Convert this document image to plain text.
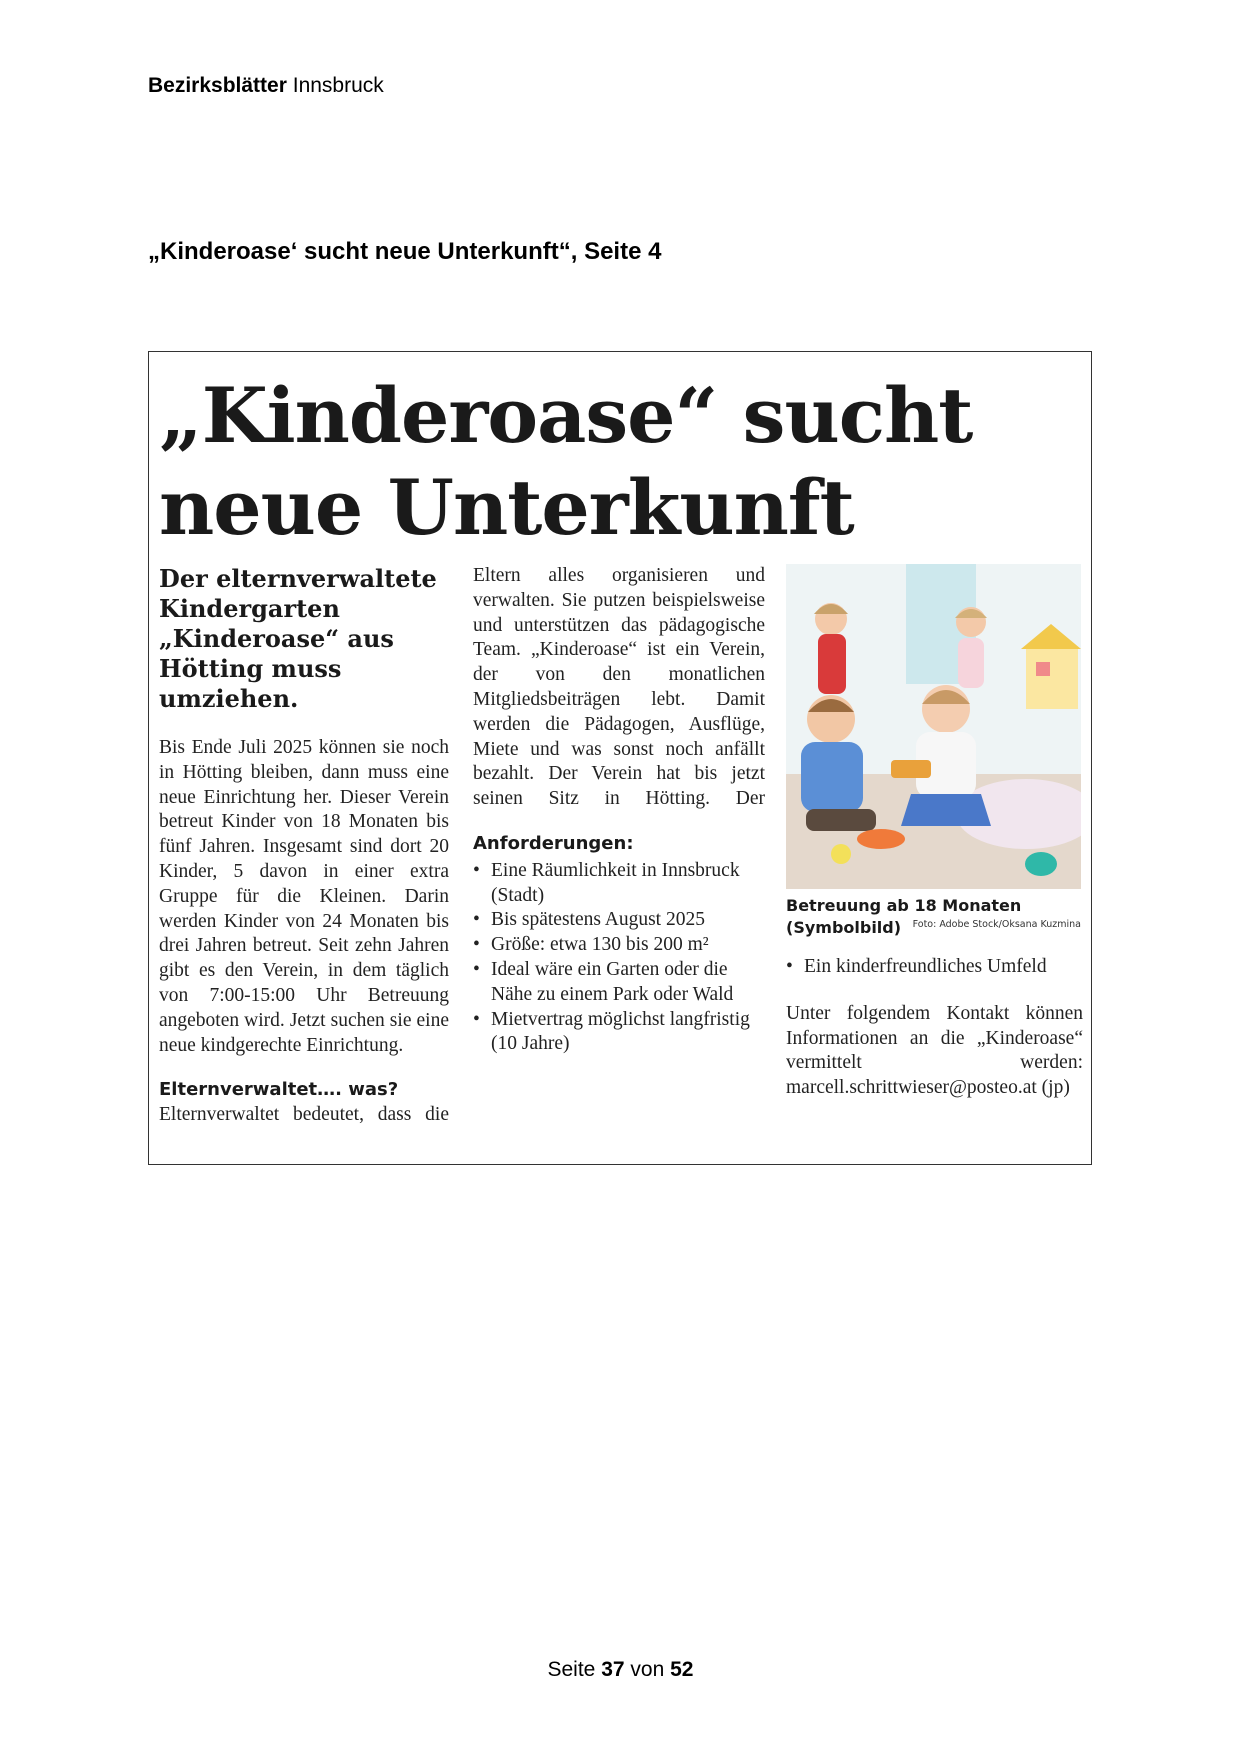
Bezirksblätter Innsbruck
„Kinderoase‘ sucht neue Unterkunft“, Seite 4
„Kinderoase“ sucht
neue Unterkunft
Der elternverwaltete Kindergarten „Kinderoase“ aus Hötting muss umziehen.

Bis Ende Juli 2025 können sie noch in Hötting bleiben, dann muss eine neue Einrichtung her. Dieser Verein betreut Kinder von 18 Monaten bis fünf Jahren. Insgesamt sind dort 20 Kinder, 5 davon in einer extra Gruppe für die Kleinen. Darin werden Kinder von 24 Monaten bis drei Jahren betreut. Seit zehn Jahren gibt es den Verein, in dem täglich von 7:00-15:00 Uhr Betreuung angeboten wird. Jetzt suchen sie eine neue kindgerechte Einrichtung.

Elternverwaltet…. was?

Elternverwaltet bedeutet, dass die

Eltern alles organisieren und verwalten. Sie putzen beispielsweise und unterstützen das pädagogische Team. „Kinderoase“ ist ein Verein, der von den monatlichen Mitgliedsbeiträgen lebt. Damit werden die Pädagogen, Ausflüge, Miete und was sonst noch anfällt bezahlt. Der Verein hat bis jetzt seinen Sitz in Hötting. Der

Anforderungen:
• Eine Räumlichkeit in Innsbruck (Stadt)
• Bis spätestens August 2025
• Größe: etwa 130 bis 200 m²
• Ideal wäre ein Garten oder die Nähe zu einem Park oder Wald
• Mietvertrag möglichst langfristig (10 Jahre)
Betreuung ab 18 Monaten (Symbolbild)	Foto: Adobe Stock/Oksana Kuzmina
• Ein kinderfreundliches Umfeld

Unter folgendem Kontakt können Informationen an die „Kinderoase“ vermittelt werden: marcell.schrittwieser@posteo.at (jp)

Seite 37 von 52
